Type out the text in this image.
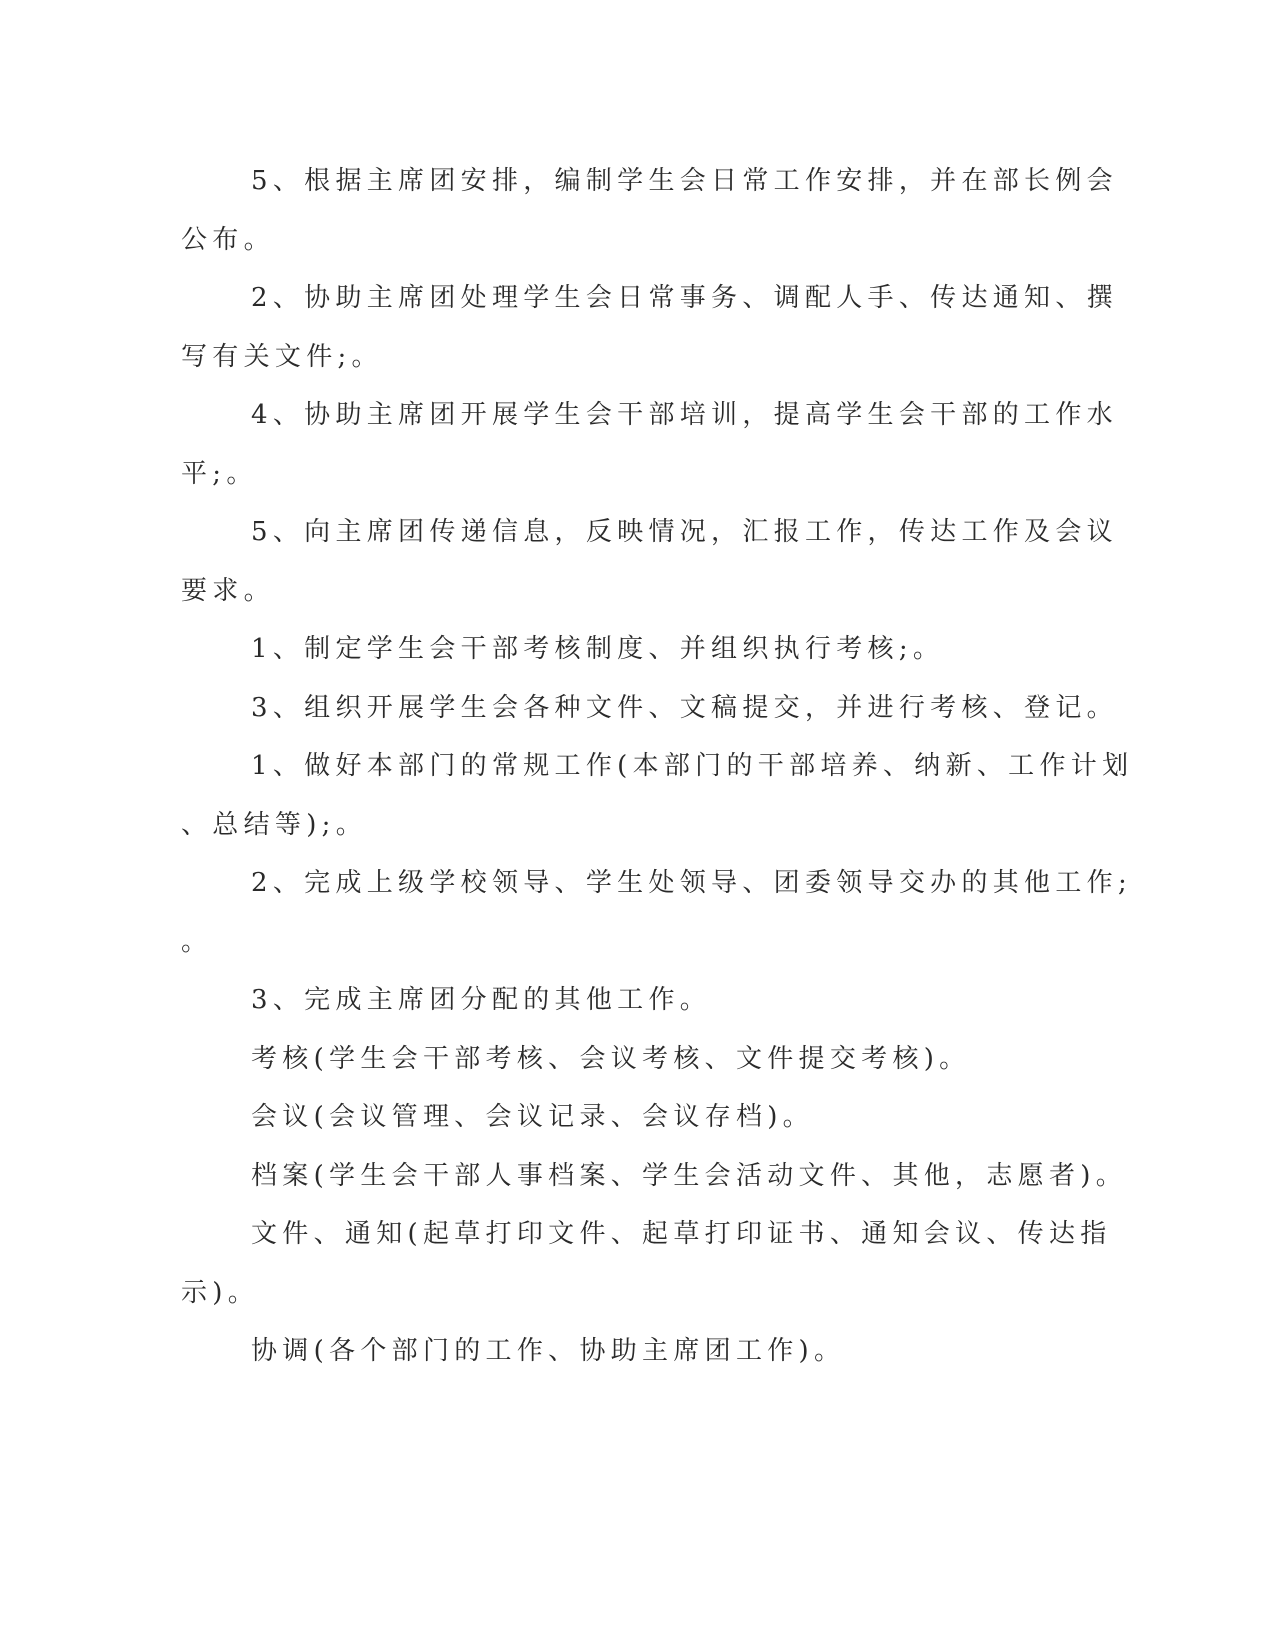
5、根据主席团安排，编制学生会日常工作安排，并在部长例会
公布。
2、协助主席团处理学生会日常事务、调配人手、传达通知、撰
写有关文件;。
4、协助主席团开展学生会干部培训，提高学生会干部的工作水
平;。
5、向主席团传递信息，反映情况，汇报工作，传达工作及会议
要求。
1、制定学生会干部考核制度、并组织执行考核;。
3、组织开展学生会各种文件、文稿提交，并进行考核、登记。
1、做好本部门的常规工作(本部门的干部培养、纳新、工作计划
、总结等);。
2、完成上级学校领导、学生处领导、团委领导交办的其他工作;
。
3、完成主席团分配的其他工作。
考核(学生会干部考核、会议考核、文件提交考核)。
会议(会议管理、会议记录、会议存档)。
档案(学生会干部人事档案、学生会活动文件、其他，志愿者)。
文件、通知(起草打印文件、起草打印证书、通知会议、传达指
示)。
协调(各个部门的工作、协助主席团工作)。
